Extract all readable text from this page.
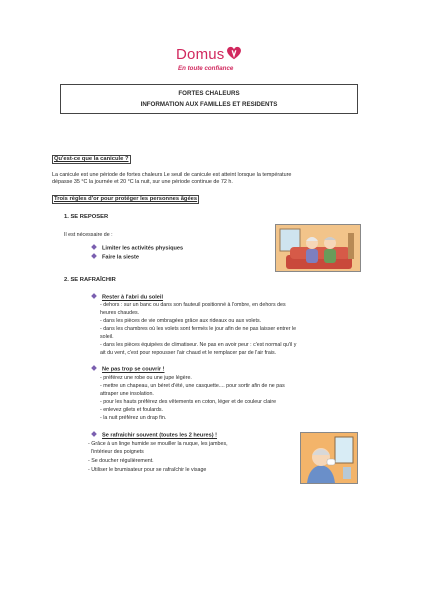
Domus
En toute confiance
FORTES CHALEURS
INFORMATION AUX FAMILLES ET RESIDENTS
Qu'est-ce que la canicule ?
La canicule est une période de fortes chaleurs Le seuil de canicule est atteint lorsque la température
dépasse 35 °C la journée et 20 °C la nuit, sur une période continue de 72 h.
Trois règles d'or pour protéger les personnes âgées
1. SE REPOSER
Il est nécessaire de :
Limiter les activités physiques
Faire la sieste
2. SE RAFRAÎCHIR
Rester à l'abri du soleil
- dehors : sur un banc ou dans son fauteuil positionné à l'ombre, en dehors des
heures chaudes.
- dans les pièces de vie ombragées grâce aux rideaux ou aux volets.
- dans les chambres où les volets sont fermés le jour afin de ne pas laisser entrer le
soleil.
- dans les pièces équipées de climatiseur. Ne pas en avoir peur : c'est normal qu'il y
ait du vent, c'est pour repousser l'air chaud et le remplacer par de l'air frais.
Ne pas trop se couvrir !
- préférez une robe ou une jupe légère.
- mettre un chapeau, un béret d'été, une casquette.... pour sortir afin de ne pas
attraper une insolation.
- pour les hauts préférez des vêtements en coton, léger et de couleur claire
- enlevez gilets et foulards.
- la nuit préférez un drap fin.
Se rafraîchir souvent (toutes les 2 heures) !
- Grâce à un linge humide se mouiller la nuque, les jambes,
l'intérieur des poignets
- Se doucher régulièrement.
- Utiliser le brumisateur pour se rafraîchir le visage
